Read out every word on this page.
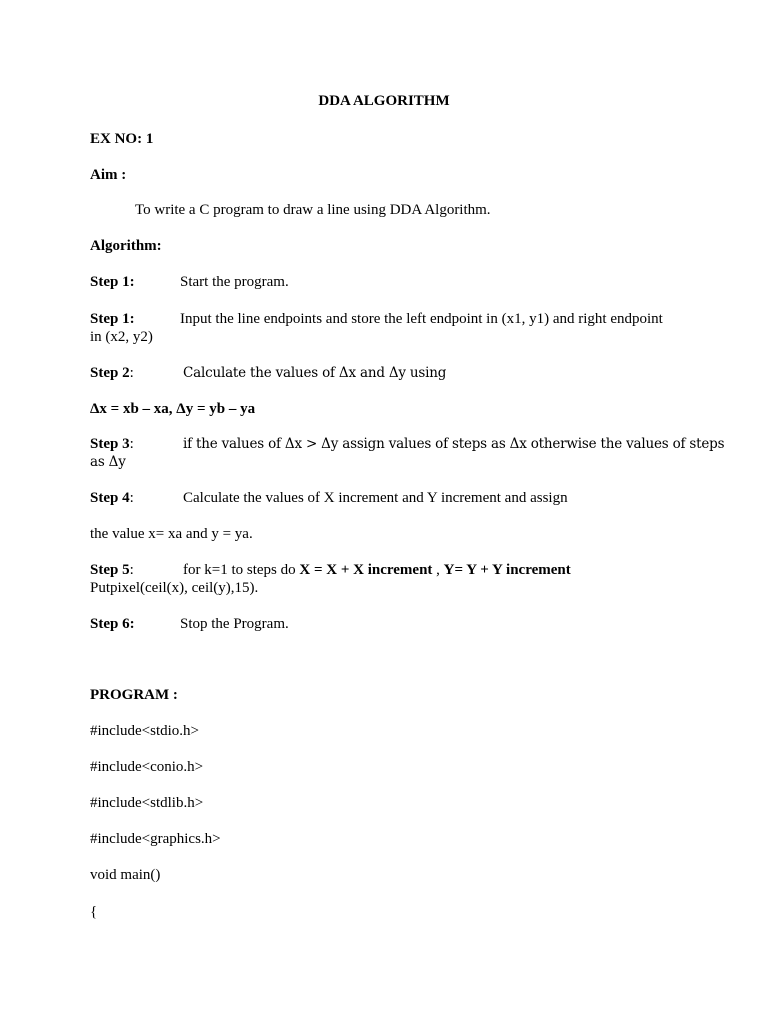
DDA ALGORITHM
EX NO: 1
Aim :
To write a C program to draw a line using DDA Algorithm.
Algorithm:
Step 1:	Start the program.
Step 1:	Input the line endpoints and store the left endpoint in (x1, y1) and right endpoint
in (x2, y2)
Step 2:	Calculate the values of Δx and Δy using
Δx = xb – xa, Δy = yb – ya
Step 3:	if the values of Δx > Δy assign values of steps as Δx otherwise the values of steps
as Δy
Step 4:	Calculate the values of X increment and Y increment and assign
the value x= xa and y = ya.
Step 5:	for k=1 to steps do X = X + X increment , Y= Y + Y increment
Putpixel(ceil(x), ceil(y),15).
Step 6:	Stop the Program.
PROGRAM :
#include<stdio.h>
#include<conio.h>
#include<stdlib.h>
#include<graphics.h>
void main()
{
